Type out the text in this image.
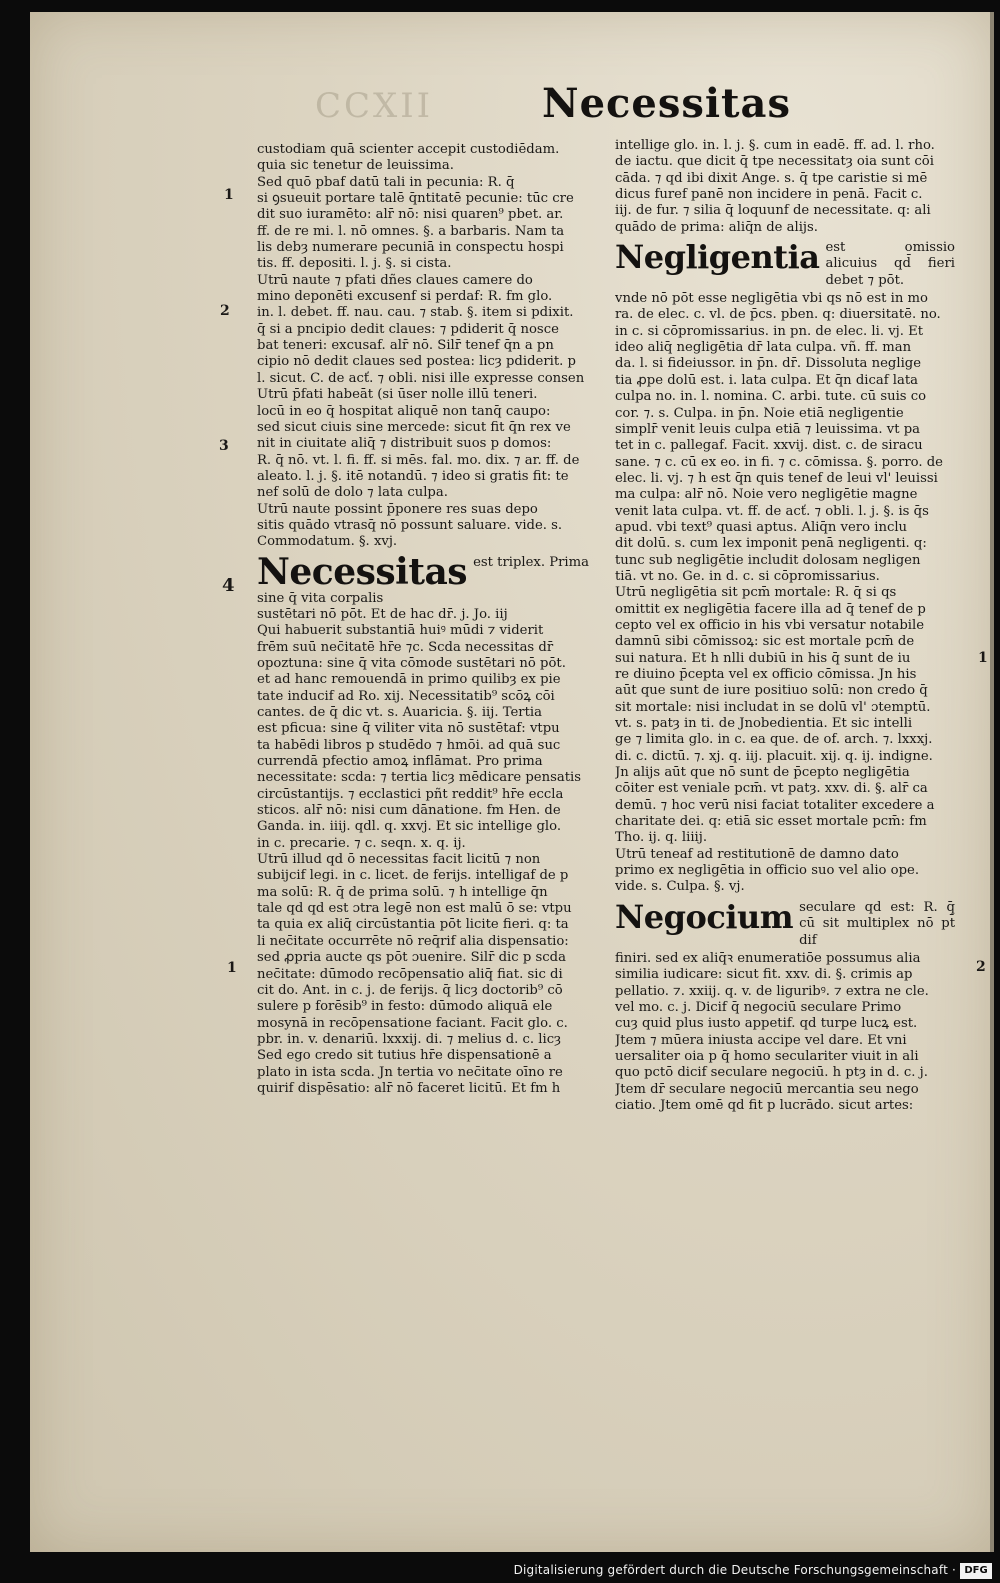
CCXII	Necessitas
1
2
3
4
1
1
2
custodiam quā scienter accepit custodiēdam.
quia sic tenetur de leuissima.
Sed quō pbaf datū tali in pecunia: R. q̄
si ꝯsueuit portare talē q̄ntitatē pecunie: tūc cre
dit suo iuramēto: alr̄ nō: nisi quaren⁹ pbet. ar.
ff. de re mi. l. nō omnes. §. a barbaris. Nam ta
lis debȝ numerare pecuniā in conspectu hospi
tis. ff. depositi. l. j. §. si cista.
Utrū naute ⁊ pfati dñes claues camere do
mino deponēti excusenf si perdaf: R. fm glo.
in. l. debet. ff. nau. cau. ⁊ stab. §. item si pdixit.
q̄ si a pncipio dedit claues: ⁊ pdiderit q̄ nosce
bat teneri: excusaf. alr̄ nō. Silr̄ tenef q̄n a pn
cipio nō dedit claues sed postea: licȝ pdiderit. p
l. sicut. C. de acť. ⁊ obli. nisi ille expresse consen
Utrū p̄fati habeāt (si ūser nolle illū teneri.
locū in eo q̄ hospitat aliquē non tanq̄ caupo:
sed sicut ciuis sine mercede: sicut fit q̄n rex ve
nit in ciuitate aliq̄ ⁊ distribuit suos p domos:
R. q̄ nō. vt. l. fi. ff. si mēs. fal. mo. dix. ⁊ ar. ff. de
aleato. l. j. §. itē notandū. ⁊ ideo si gratis fit: te
nef solū de dolo ⁊ lata culpa.
Utrū naute possint p̄ponere res suas depo
sitis quādo vtrasq̄ nō possunt saluare. vide. s.
Commodatum. §. xvj.
Necessitas est triplex. Prima
sine q̄ vita corpalis
sustētari nō pōt. Et de hac dr̄. j. Jo. iij
Qui habuerit substantiā huiꝰ mūdi ⁊ viderit
frēm suū nec̄itatē hr̄e ⁊c. Scd̄a necessitas dr̄
opoztuna: sine q̄ vita cōmode sustētari nō pōt.
et ad hanc remouendā in primo quilibȝ ex pie
tate inducif ad Ro. xij. Necessitatib⁹ scōꝝ cōi
cantes. de q̄ dic vt. s. Auaricia. §. iij. Tertia
est pficua: sine q̄ viliter vita nō sustētaf: vtpu
ta habēdi libros p studēdo ⁊ hmōi. ad quā suc
currendā pfectio amoꝝ inflāmat. Pro prima
necessitate: scd̄a: ⁊ tertia licȝ mēdicare pensatis
circūstantijs. ⁊ ecclastici pñt reddit⁹ hr̄e eccla
sticos. alr̄ nō: nisi cum dānatione. fm Hen. de
Ganda. in. iiij. qdl. q. xxvj. Et sic intellige glo.
in c. precarie. ⁊ c. seqn. x. q. ij.
Utrū illud qd̄ ō necessitas facit licitū ⁊ non
subijcif legi. in c. licet. de ferijs. intelligaf de p
ma solū: R. q̄ de prima solū. ⁊ h intellige q̄n
tale qd̄ qd̄ est ɔtra legē non est malū ō se: vtpu
ta quia ex aliq̄ circūstantia pōt licite fieri. q: ta
li nec̄itate occurrēte nō req̄rif alia dispensatio:
sed ꝓpria aucte qs pōt ɔuenire. Silr̄ dic p scd̄a
nec̄itate: dūmodo recōpensatio aliq̄ fiat. sic di
cit do. Ant. in c. j. de ferijs. q̄ licȝ doctorib⁹ cō
sulere p forēsib⁹ in festo: dūmodo aliquā ele
mosynā in recōpensatione faciant. Facit glo. c.
pb̄r. in. v. denariū. lxxxij. di. ⁊ melius d. c. licȝ
Sed ego credo sit tutius hr̄e dispensationē a
plato in ista scd̄a. Jn tertia vo nec̄itate oīno re
quirif dispēsatio: alr̄ nō faceret licitū. Et fm h
intellige glo. in. l. j. §. cum in eadē. ff. ad. l. rho.
de iactu. que dicit q̄ tpe necessitatȝ oia sunt cōi
cāda. ⁊ qd̄ ibi dixit Ange. s. q̄ tpe caristie si mē
dicus furef panē non incidere in penā. Facit c.
iij. de fur. ⁊ silia q̄ loquunf de necessitate. q: ali
quādo de prima: aliq̄n de alijs.
Negligentia est omissio alicuius qd̄ fieri debet ⁊ pōt.
vnde nō pōt esse negligētia vbi qs nō est in mo
ra. de elec. c. vl. de p̄cs. pben. q: diuersitatē. no.
in c. si cōpromissarius. in pn. de elec. li. vj. Et
ideo aliq̄ negligētia dr̄ lata culpa. vñ. ff. man
da. l. si fideiussor. in p̄n. dr̄. Dissoluta neglige
tia ꝓpe dolū est. i. lata culpa. Et q̄n dicaf lata
culpa no. in. l. nomina. C. arbi. tute. cū suis co
cor. ⁊. s. Culpa. in p̄n. Noie etiā negligentie
simplr̄ venit leuis culpa etiā ⁊ leuissima. vt pa
tet in c. pallegaf. Facit. xxvij. dist. c. de siracu
sane. ⁊ c. cū ex eo. in fi. ⁊ c. cōmissa. §. porro. de
elec. li. vj. ⁊ h est q̄n quis tenef de leui vl' leuissi
ma culpa: alr̄ nō. Noie vero negligētie magne
venit lata culpa. vt. ff. de acť. ⁊ obli. l. j. §. is q̄s
apud. vbi text⁹ quasi aptus. Aliq̄n vero inclu
dit dolū. s. cum lex imponit penā negligenti. q:
tunc sub negligētie includit dolosam negligen
tiā. vt no. Ge. in d. c. si cōpromissarius.
Utrū negligētia sit pcm̄ mortale: R. q̄ si qs
omittit ex negligētia facere illa ad q̄ tenef de p
cepto vel ex officio in his vbi versatur notabile
damnū sibi cōmissoꝝ: sic est mortale pcm̄ de
sui natura. Et h nlli dubiū in his q̄ sunt de iu
re diuino p̄cepta vel ex officio cōmissa. Jn his
aūt que sunt de iure positiuo solū: non credo q̄
sit mortale: nisi includat in se dolū vl' ɔtemptū.
vt. s. patȝ in ti. de Jnobedientia. Et sic intelli
ge ⁊ limita glo. in c. ea que. de of. arch. ⁊. lxxxj.
di. c. dictū. ⁊. xj. q. iij. placuit. xij. q. ij. indigne.
Jn alijs aūt que nō sunt de p̄cepto negligētia
cōiter est veniale pcm̄. vt patȝ. xxv. di. §. alr̄ ca
demū. ⁊ hoc verū nisi faciat totaliter excedere a
charitate dei. q: etiā sic esset mortale pcm̄: fm
Tho. ij. q. liiij.
Utrū teneaf ad restitutionē de damno dato
primo ex negligētia in officio suo vel alio ope.
vide. s. Culpa. §. vj.
Negocium seculare qd̄ est: R. q̄ cū sit multiplex nō pt̄ dif
finiri. sed ex aliq̄ꝛ enumeratiōe possumus alia
similia iudicare: sicut fit. xxv. di. §. crimis ap
pellatio. ⁊. xxiij. q. v. de liguribꝰ. ⁊ extra ne cle.
vel mo. c. j. Dicif q̄ negociū seculare Primo
cuȝ quid plus iusto appetif. qd̄ turpe lucꝝ est.
Jtem ⁊ mūera iniusta accipe vel dare. Et vni
uersaliter oia p q̄ homo seculariter viuit in ali
quo pctō dicif seculare negociū. h ptȝ in d. c. j.
Jtem dr̄ seculare negociū mercantia seu nego
ciatio. Jtem omē qd̄ fit p lucrādo. sicut artes:
Digitalisierung gefördert durch die Deutsche Forschungsgemeinschaft · DFG
